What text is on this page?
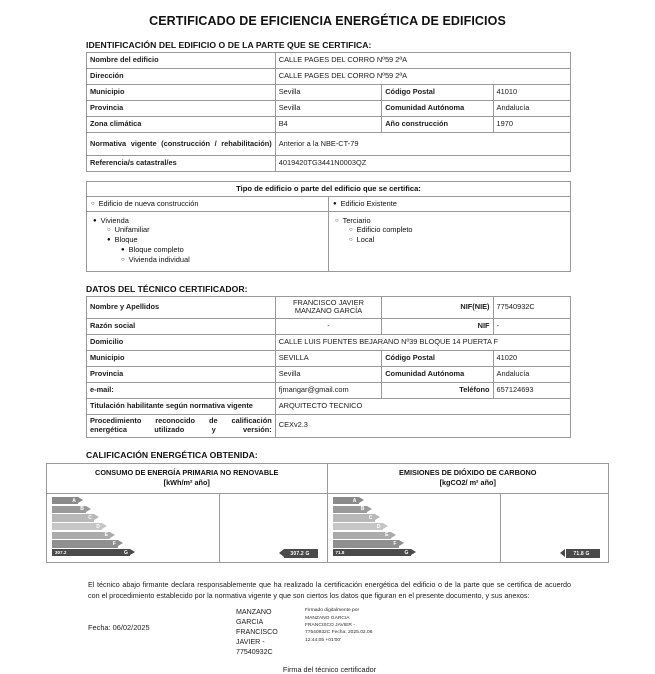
CERTIFICADO DE EFICIENCIA ENERGÉTICA DE EDIFICIOS
IDENTIFICACIÓN DEL EDIFICIO O DE LA PARTE QUE SE CERTIFICA:
Nombre del edificio	CALLE PAGES DEL CORRO Nº59 2ªA		
Dirección	CALLE PAGES DEL CORRO Nº59 2ªA		
Municipio	Sevilla	Código Postal	41010
Provincia	Sevilla	Comunidad Autónoma	Andalucía
Zona climática	B4	Año construcción	1970
Normativa vigente (construcción / rehabilitación)	Anterior a la NBE-CT-79		
Referencia/s catastral/es	4019420TG3441N0003QZ		
Tipo de edificio o parte del edificio que se certifica:	

○ Edificio de nueva construcción	● Edificio Existente

● Vivienda
○ Unifamiliar
● Bloque
● Bloque completo
○ Vivienda individual	○ Terciario
○ Edificio completo
○ Local
DATOS DEL TÉCNICO CERTIFICADOR:
Nombre y Apellidos	FRANCISCO JAVIER MANZANO GARCÍA	NIF(NIE)	77540932C
Razón social	-	NIF	-
Domicilio	CALLE LUIS FUENTES BEJARANO Nº39 BLOQUE 14 PUERTA F		
Municipio	SEVILLA	Código Postal	41020
Provincia	Sevilla	Comunidad Autónoma	Andalucía
e-mail:	fjmangar@gmail.com	Teléfono	657124693
Titulación habilitante según normativa vigente	ARQUITECTO TECNICO		
Procedimiento reconocido de calificación energética utilizado y versión:	CEXv2.3		
CALIFICACIÓN ENERGÉTICA OBTENIDA:
CONSUMO DE ENERGÍA PRIMARIA NO RENOVABLE
[kWh/m² año]
A
B
C
D
E
F
307.2	G	307.2 G
EMISIONES DE DIÓXIDO DE CARBONO
[kgCO2/ m² año]
A
B
C
D
E
F
71.8	G	71.8 G
El técnico abajo firmante declara responsablemente que ha realizado la certificación energética del edificio o de la parte que se certifica de acuerdo con el procedimiento establecido por la normativa vigente y que son ciertos los datos que figuran en el presente documento, y sus anexos:
Fecha: 06/02/2025
MANZANO GARCIA FRANCISCO JAVIER - 77540932C
Firmado digitalmente por MANZANO GARCIA FRANCISCO JAVIER - 77540932C Fecha: 2025.02.06 12:44:05 +01'00'
Firma del técnico certificador
